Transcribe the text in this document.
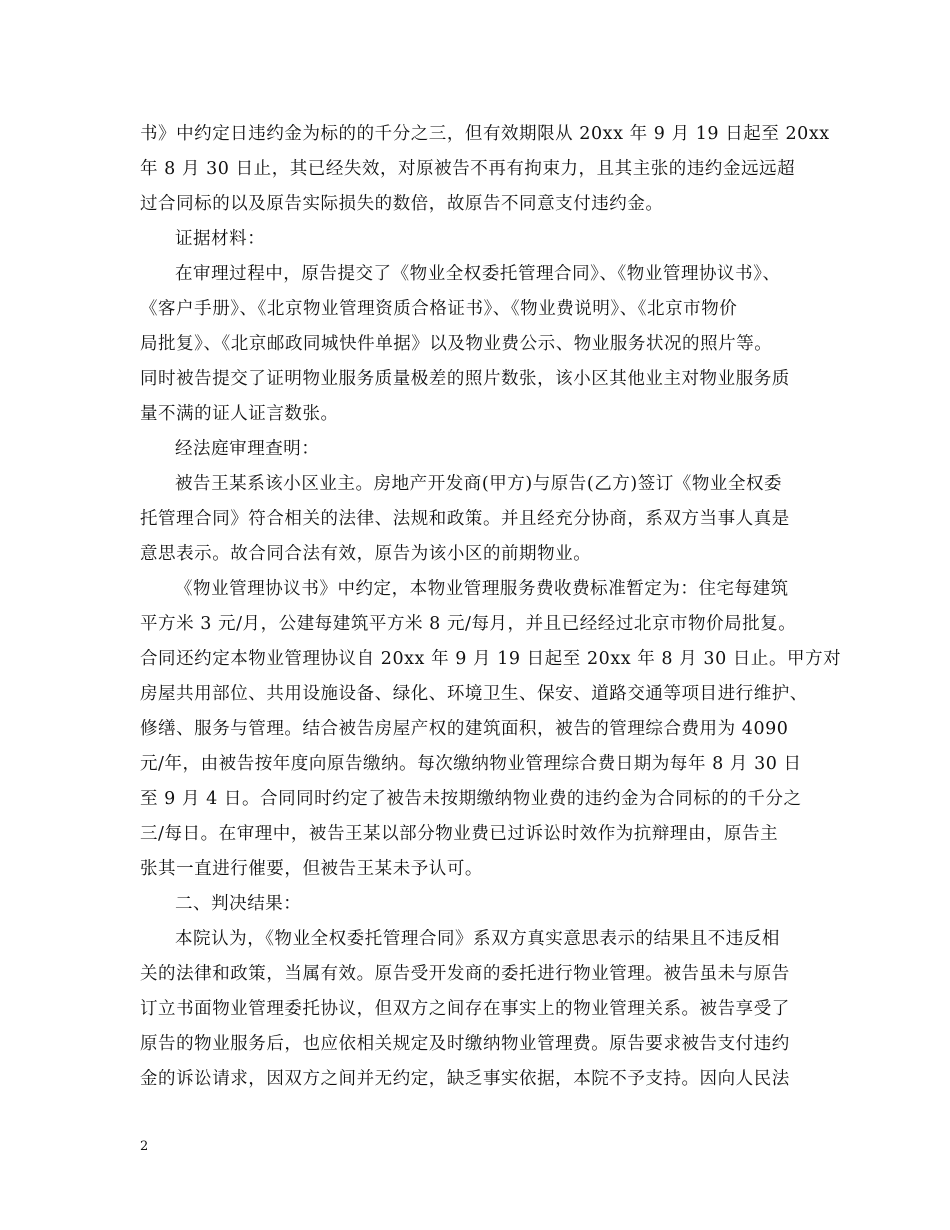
书》中约定日违约金为标的的千分之三，但有效期限从 20xx 年 9 月 19 日起至 20xx
年 8 月 30 日止，其已经失效，对原被告不再有拘束力，且其主张的违约金远远超
过合同标的以及原告实际损失的数倍，故原告不同意支付违约金。
证据材料：
在审理过程中，原告提交了《物业全权委托管理合同》、《物业管理协议书》、
《客户手册》、《北京物业管理资质合格证书》、《物业费说明》、《北京市物价
局批复》、《北京邮政同城快件单据》以及物业费公示、物业服务状况的照片等。
同时被告提交了证明物业服务质量极差的照片数张，该小区其他业主对物业服务质
量不满的证人证言数张。
经法庭审理查明：
被告王某系该小区业主。房地产开发商(甲方)与原告(乙方)签订《物业全权委
托管理合同》符合相关的法律、法规和政策。并且经充分协商，系双方当事人真是
意思表示。故合同合法有效，原告为该小区的前期物业。
《物业管理协议书》中约定，本物业管理服务费收费标准暂定为：住宅每建筑
平方米 3 元/月，公建每建筑平方米 8 元/每月，并且已经经过北京市物价局批复。
合同还约定本物业管理协议自 20xx 年 9 月 19 日起至 20xx 年 8 月 30 日止。甲方对
房屋共用部位、共用设施设备、绿化、环境卫生、保安、道路交通等项目进行维护、
修缮、服务与管理。结合被告房屋产权的建筑面积，被告的管理综合费用为 4090
元/年，由被告按年度向原告缴纳。每次缴纳物业管理综合费日期为每年 8 月 30 日
至 9 月 4 日。合同同时约定了被告未按期缴纳物业费的违约金为合同标的的千分之
三/每日。在审理中，被告王某以部分物业费已过诉讼时效作为抗辩理由，原告主
张其一直进行催要，但被告王某未予认可。
二、判决结果：
本院认为，《物业全权委托管理合同》系双方真实意思表示的结果且不违反相
关的法律和政策，当属有效。原告受开发商的委托进行物业管理。被告虽未与原告
订立书面物业管理委托协议，但双方之间存在事实上的物业管理关系。被告享受了
原告的物业服务后，也应依相关规定及时缴纳物业管理费。原告要求被告支付违约
金的诉讼请求，因双方之间并无约定，缺乏事实依据，本院不予支持。因向人民法
2
